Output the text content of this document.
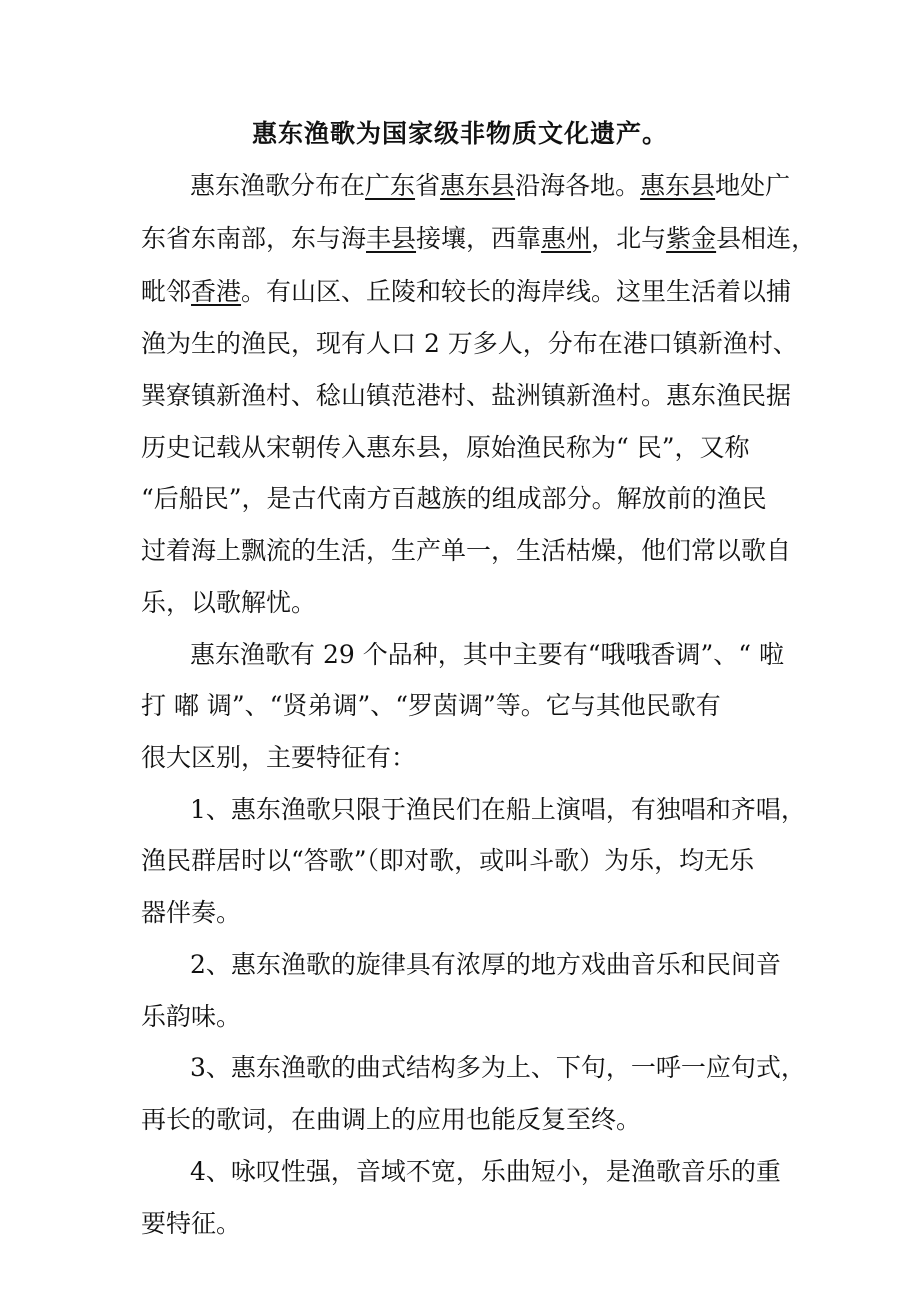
惠东渔歌为国家级非物质文化遗产。
惠东渔歌分布在广东省惠东县沿海各地。惠东县地处广
东省东南部，东与海丰县接壤，西靠惠州，北与紫金县相连，
毗邻香港。有山区、丘陵和较长的海岸线。这里生活着以捕
渔为生的渔民，现有人口 2 万多人，分布在港口镇新渔村、
巽寮镇新渔村、稔山镇范港村、盐洲镇新渔村。惠东渔民据
历史记载从宋朝传入惠东县，原始渔民称为“ 民”，又称
“后船民”，是古代南方百越族的组成部分。解放前的渔民
过着海上飘流的生活，生产单一，生活枯燥，他们常以歌自
乐，以歌解忧。
惠东渔歌有 29 个品种，其中主要有“哦哦香调”、“ 啦
打 嘟 调”、“贤弟调”、“罗茵调”等。它与其他民歌有
很大区别，主要特征有：
1、惠东渔歌只限于渔民们在船上演唱，有独唱和齐唱，
渔民群居时以“答歌”（即对歌，或叫斗歌）为乐，均无乐
器伴奏。
2、惠东渔歌的旋律具有浓厚的地方戏曲音乐和民间音
乐韵味。
3、惠东渔歌的曲式结构多为上、下句，一呼一应句式，
再长的歌词，在曲调上的应用也能反复至终。
4、咏叹性强，音域不宽，乐曲短小，是渔歌音乐的重
要特征。
